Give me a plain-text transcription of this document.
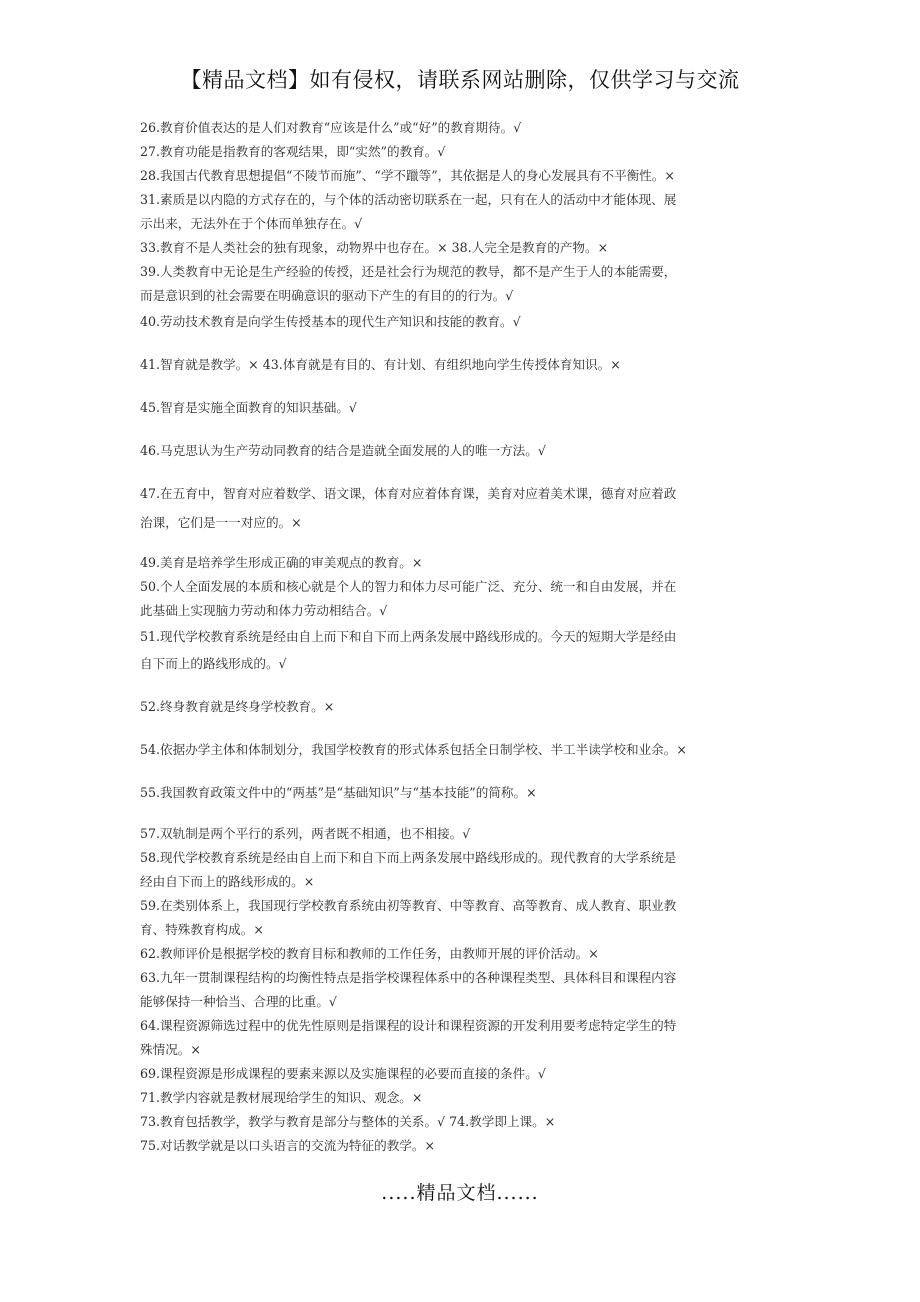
【精品文档】如有侵权，请联系网站删除，仅供学习与交流
26.教育价值表达的是人们对教育“应该是什么”或“好”的教育期待。√
27.教育功能是指教育的客观结果，即“实然”的教育。√
28.我国古代教育思想提倡“不陵节而施”、“学不躐等”，其依据是人的身心发展具有不平衡性。×
31.素质是以内隐的方式存在的，与个体的活动密切联系在一起，只有在人的活动中才能体现、展
示出来，无法外在于个体而单独存在。√
33.教育不是人类社会的独有现象，动物界中也存在。× 38.人完全是教育的产物。×
39.人类教育中无论是生产经验的传授，还是社会行为规范的教导，都不是产生于人的本能需要，
而是意识到的社会需要在明确意识的驱动下产生的有目的的行为。√
40.劳动技术教育是向学生传授基本的现代生产知识和技能的教育。√
41.智育就是教学。× 43.体育就是有目的、有计划、有组织地向学生传授体育知识。×
45.智育是实施全面教育的知识基础。√
46.马克思认为生产劳动同教育的结合是造就全面发展的人的唯一方法。√
47.在五育中，智育对应着数学、语文课，体育对应着体育课，美育对应着美术课，德育对应着政
治课，它们是一一对应的。×
49.美育是培养学生形成正确的审美观点的教育。×
50.个人全面发展的本质和核心就是个人的智力和体力尽可能广泛、充分、统一和自由发展，并在
此基础上实现脑力劳动和体力劳动相结合。√
51.现代学校教育系统是经由自上而下和自下而上两条发展中路线形成的。今天的短期大学是经由
自下而上的路线形成的。√
52.终身教育就是终身学校教育。×
54.依据办学主体和体制划分，我国学校教育的形式体系包括全日制学校、半工半读学校和业余。×
55.我国教育政策文件中的“两基”是“基础知识”与“基本技能”的简称。×
57.双轨制是两个平行的系列，两者既不相通，也不相接。√
58.现代学校教育系统是经由自上而下和自下而上两条发展中路线形成的。现代教育的大学系统是
经由自下而上的路线形成的。×
59.在类别体系上，我国现行学校教育系统由初等教育、中等教育、高等教育、成人教育、职业教
育、特殊教育构成。×
62.教师评价是根据学校的教育目标和教师的工作任务，由教师开展的评价活动。×
63.九年一贯制课程结构的均衡性特点是指学校课程体系中的各种课程类型、具体科目和课程内容
能够保持一种恰当、合理的比重。√
64.课程资源筛选过程中的优先性原则是指课程的设计和课程资源的开发利用要考虑特定学生的特
殊情况。×
69.课程资源是形成课程的要素来源以及实施课程的必要而直接的条件。√
71.教学内容就是教材展现给学生的知识、观念。×
73.教育包括教学，教学与教育是部分与整体的关系。√ 74.教学即上课。×
75.对话教学就是以口头语言的交流为特征的教学。×
.....精品文档......
